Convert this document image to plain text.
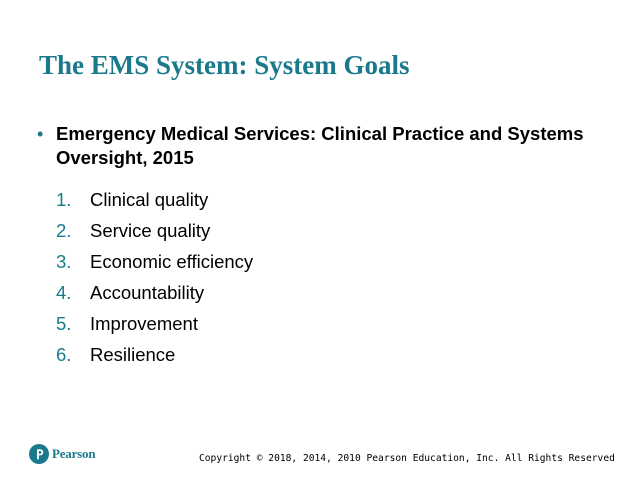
The EMS System: System Goals
• Emergency Medical Services: Clinical Practice and Systems Oversight, 2015
1.	Clinical quality
2.	Service quality
3.	Economic efficiency
4.	Accountability
5.	Improvement
6.	Resilience
Pearson	Copyright © 2018, 2014, 2010 Pearson Education, Inc. All Rights Reserved
